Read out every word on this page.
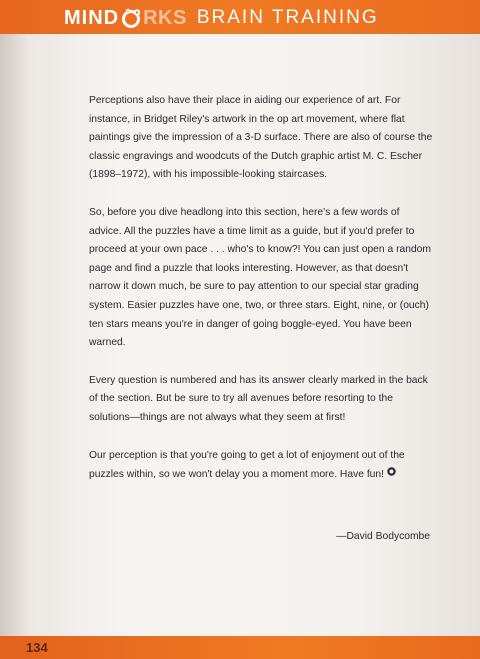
MIND RKS BRAIN TRAINING

Perceptions also have their place in aiding our experience of art. For instance, in Bridget Riley's artwork in the op art movement, where flat paintings give the impression of a 3-D surface. There are also of course the classic engravings and woodcuts of the Dutch graphic artist M. C. Escher (1898–1972), with his impossible-looking staircases.

So, before you dive headlong into this section, here's a few words of advice. All the puzzles have a time limit as a guide, but if you'd prefer to proceed at your own pace . . . who's to know?! You can just open a random page and find a puzzle that looks interesting. However, as that doesn't narrow it down much, be sure to pay attention to our special star grading system. Easier puzzles have one, two, or three stars. Eight, nine, or (ouch) ten stars means you're in danger of going boggle-eyed. You have been warned.

Every question is numbered and has its answer clearly marked in the back of the section. But be sure to try all avenues before resorting to the solutions—things are not always what they seem at first!

Our perception is that you're going to get a lot of enjoyment out of the puzzles within, so we won't delay you a moment more. Have fun!

—David Bodycombe
134
